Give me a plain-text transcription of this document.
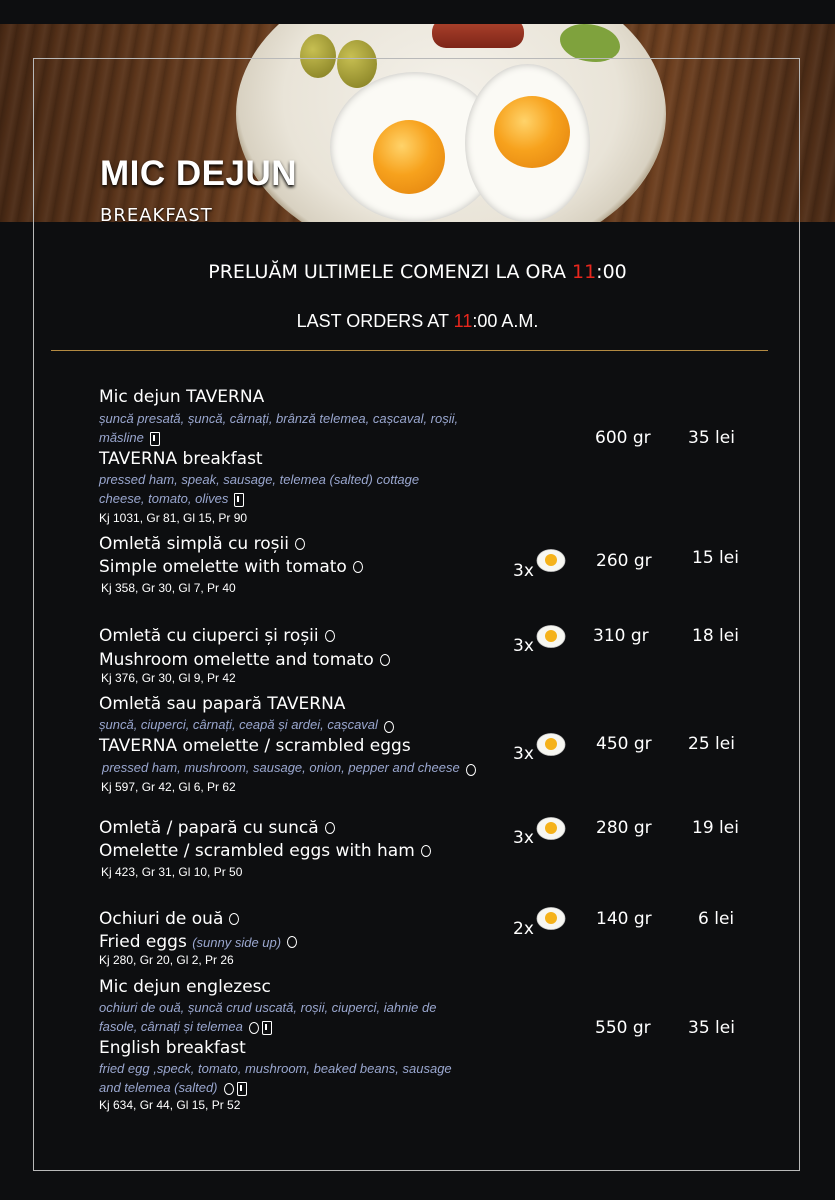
MIC DEJUN
BREAKFAST
PRELUĂM ULTIMELE COMENZI LA ORA 11:00
LAST ORDERS AT 11:00 A.M.
Mic dejun TAVERNA
șuncă presată, șuncă, cârnați, brânză telemea, cașcaval, roșii,
măsline
TAVERNA breakfast
pressed ham, speak, sausage, telemea (salted) cottage
cheese, tomato, olives
Kj 1031, Gr 81, Gl 15, Pr 90
600 gr 35 lei
Omletă simplă cu roșii
Simple omelette with tomato
Kj 358, Gr 30, Gl 7, Pr 40
3x	260 gr 15 lei
Omletă cu ciuperci și roșii
Mushroom omelette and tomato
Kj 376, Gr 30, Gl 9, Pr 42
3x	310 gr	18 lei
Omletă sau papară TAVERNA
șuncă, ciuperci, cârnați, ceapă și ardei, cașcaval
TAVERNA omelette / scrambled eggs
pressed ham, mushroom, sausage, onion, pepper and cheese
Kj 597, Gr 42, Gl 6, Pr 62
3x	450 gr 25 lei
Omletă / papară cu suncă
Omelette / scrambled eggs with ham
Kj 423, Gr 31, Gl 10, Pr 50
3x	280 gr 19 lei
Ochiuri de ouă
Fried eggs (sunny side up)
Kj 280, Gr 20, Gl 2, Pr 26
2x	140 gr	6 lei
Mic dejun englezesc
ochiuri de ouă, șuncă crud uscată, roșii, ciuperci, iahnie de
fasole, cârnați și telemea
English breakfast
fried egg ,speck, tomato, mushroom, beaked beans, sausage
and telemea (salted)
Kj 634, Gr 44, Gl 15, Pr 52
550 gr 35 lei
